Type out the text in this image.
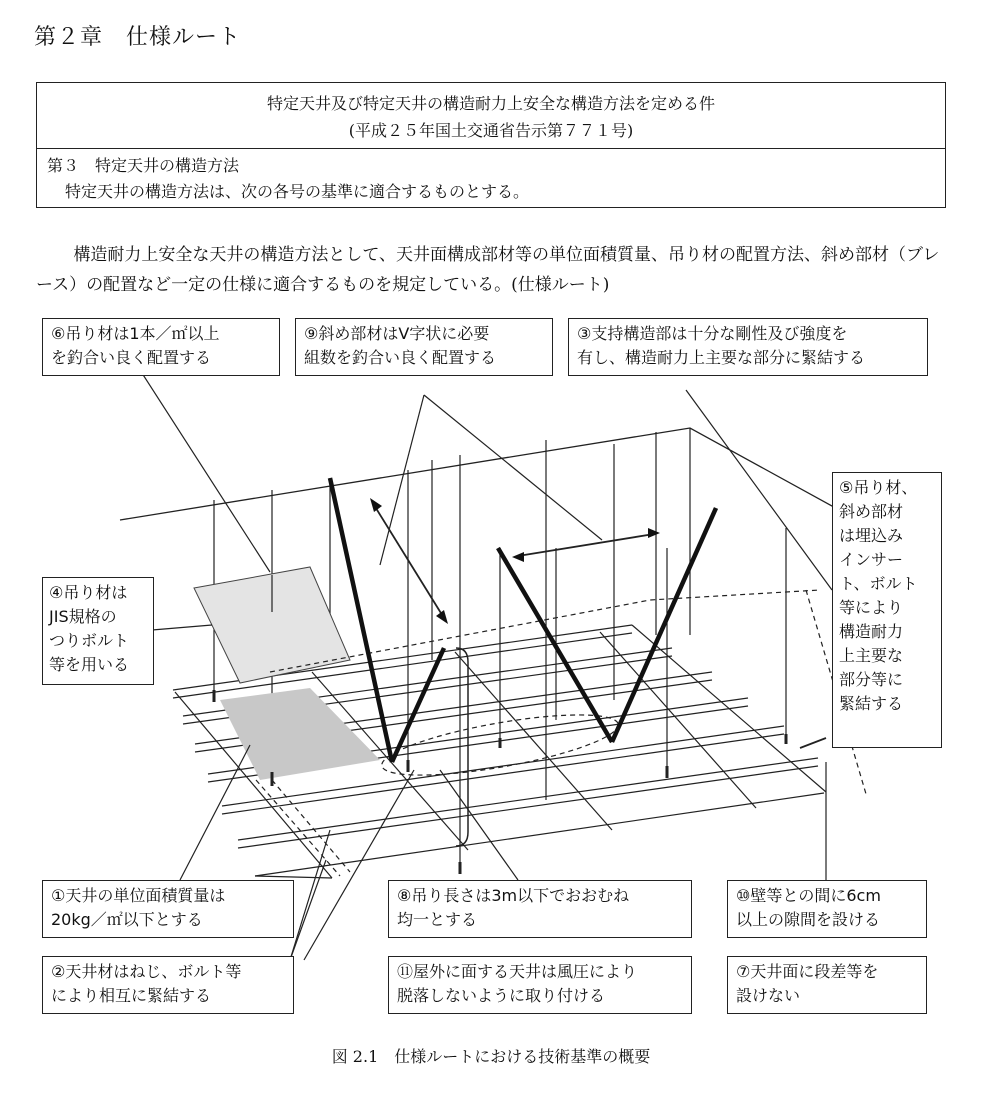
第２章　仕様ルート
特定天井及び特定天井の構造耐力上安全な構造方法を定める件
(平成２５年国土交通省告示第７７１号)
第３　特定天井の構造方法
特定天井の構造方法は、次の各号の基準に適合するものとする。

構造耐力上安全な天井の構造方法として、天井面構成部材等の単位面積質量、吊り材の配置方法、斜め部材（ブレース）の配置など一定の仕様に適合するものを規定している。(仕様ルート)

⑥吊り材は1本／㎡以上
を釣合い良く配置する
⑨斜め部材はV字状に必要
組数を釣合い良く配置する
③支持構造部は十分な剛性及び強度を
有し、構造耐力上主要な部分に緊結する
⑤吊り材、
斜め部材
は埋込み
インサー
ト、ボルト
等により
構造耐力
上主要な
部分等に
緊結する
④吊り材は
JIS規格の
つりボルト
等を用いる
①天井の単位面積質量は
20kg／㎡以下とする
⑧吊り長さは3m以下でおおむね
均一とする
⑩壁等との間に6cm
以上の隙間を設ける
②天井材はねじ、ボルト等
により相互に緊結する
⑪屋外に面する天井は風圧により
脱落しないように取り付ける
⑦天井面に段差等を
設けない
図 2.1　仕様ルートにおける技術基準の概要
